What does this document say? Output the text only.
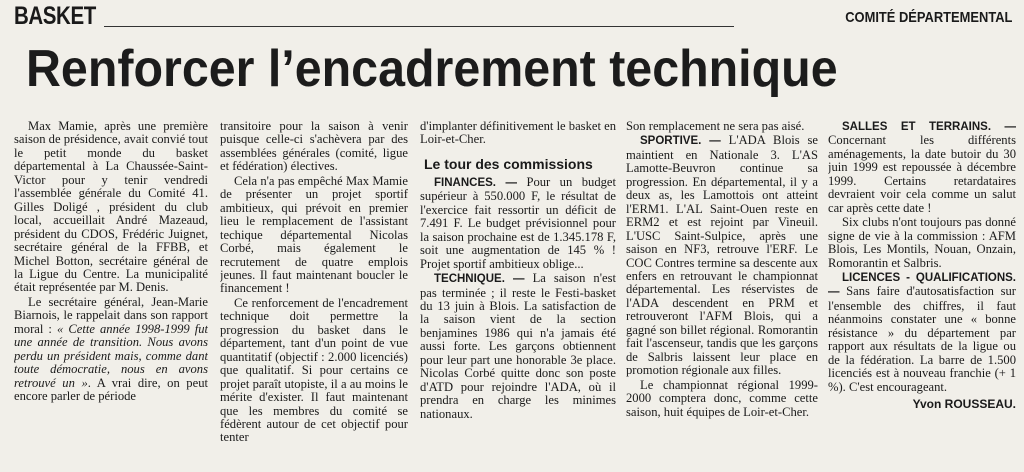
BASKET	COMITÉ DÉPARTEMENTAL
Renforcer l’encadrement technique

Max Mamie, après une première saison de présidence, avait convié tout le petit monde du basket départemental à La Chaussée-Saint-Victor pour y tenir vendredi l'assemblée générale du Comité 41. Gilles Doligé , président du club local, accueillait André Mazeaud, président du CDOS, Frédéric Juignet, secrétaire général de la FFBB, et Michel Botton, secrétaire général de la Ligue du Centre. La municipalité était représentée par M. Denis.

Le secrétaire général, Jean-Marie Biarnois, le rappelait dans son rapport moral : « Cette année 1998-1999 fut une année de transition. Nous avons perdu un président mais, comme dant toute démocratie, nous en avons retrouvé un ». A vrai dire, on peut encore parler de période

transitoire pour la saison à venir puisque celle-ci s'achèvera par des assemblées générales (comité, ligue et fédération) électives.

Cela n'a pas empêché Max Mamie de présenter un projet sportif ambitieux, qui prévoit en premier lieu le remplacement de l'assistant techique départemental Nicolas Corbé, mais également le recrutement de quatre emplois jeunes. Il faut maintenant boucler le financement !

Ce renforcement de l'encadrement technique doit permettre la progression du basket dans le département, tant d'un point de vue quantitatif (objectif : 2.000 licenciés) que qualitatif. Si pour certains ce projet paraît utopiste, il a au moins le mérite d'exister. Il faut maintenant que les membres du comité se fédèrent autour de cet objectif pour tenter

d'implanter définitivement le basket en Loir-et-Cher.

Le tour des commissions

FINANCES. — Pour un budget supérieur à 550.000 F, le résultat de l'exercice fait ressortir un déficit de 7.491 F. Le budget prévisionnel pour la saison prochaine est de 1.345.178 F, soit une augmentation de 145 % ! Projet sportif ambitieux oblige...

TECHNIQUE. — La saison n'est pas terminée ; il reste le Festi-basket du 13 juin à Blois. La satisfaction de la saison vient de la section benjamines 1986 qui n'a jamais été aussi forte. Les garçons obtiennent pour leur part une honorable 3e place. Nicolas Corbé quitte donc son poste d'ATD pour rejoindre l'ADA, où il prendra en charge les minimes nationaux.

Son remplacement ne sera pas aisé.

SPORTIVE. — L'ADA Blois se maintient en Nationale 3. L'AS Lamotte-Beuvron continue sa progression. En départemental, il y a deux as, les Lamottois ont atteint l'ERM1. L'AL Saint-Ouen reste en ERM2 et est rejoint par Vineuil. L'USC Saint-Sulpice, après une saison en NF3, retrouve l'ERF. Le COC Contres termine sa descente aux enfers en retrouvant le championnat départemental. Les réservistes de l'ADA descendent en PRM et retrouveront l'AFM Blois, qui a gagné son billet régional. Romorantin fait l'ascenseur, tandis que les garçons de Salbris laissent leur place en promotion régionale aux filles.

Le championnat régional 1999-2000 comptera donc, comme cette saison, huit équipes de Loir-et-Cher.

SALLES ET TERRAINS. — Concernant les différents aménagements, la date butoir du 30 juin 1999 est repoussée à décembre 1999. Certains retardataires devraient voir cela comme un salut car après cette date !

Six clubs n'ont toujours pas donné signe de vie à la commission : AFM Blois, Les Montils, Nouan, Onzain, Romorantin et Salbris.

LICENCES - QUALIFICATIONS. — Sans faire d'autosatisfaction sur l'ensemble des chiffres, il faut néanmoins constater une « bonne résistance » du département par rapport aux résultats de la ligue ou de la fédération. La barre de 1.500 licenciés est à nouveau franchie (+ 1 %). C'est encourageant.

Yvon ROUSSEAU.
